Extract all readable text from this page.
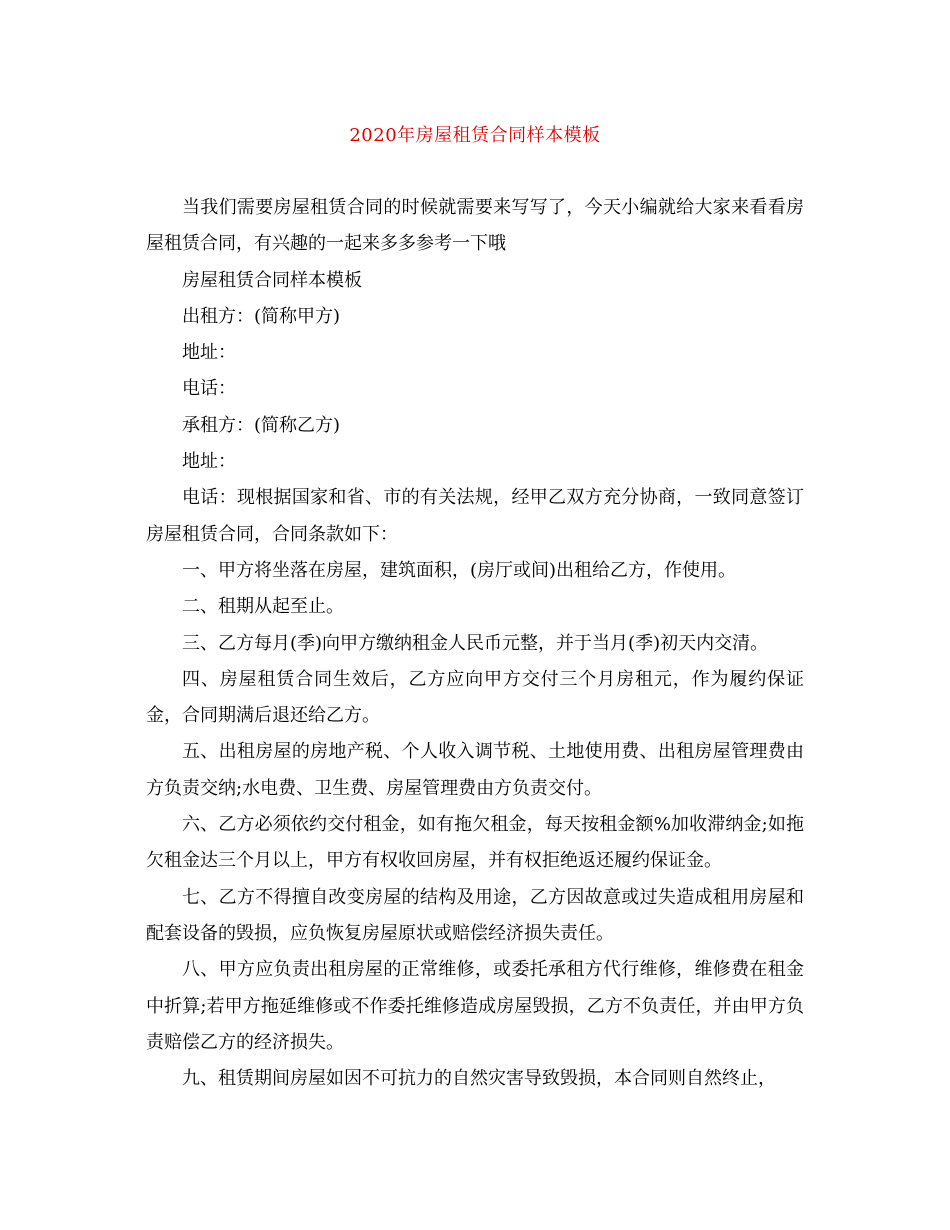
2020年房屋租赁合同样本模板

当我们需要房屋租赁合同的时候就需要来写写了，今天小编就给大家来看看房屋租赁合同，有兴趣的一起来多多参考一下哦

房屋租赁合同样本模板

出租方：(简称甲方)

地址：

电话：

承租方：(简称乙方)

地址：

电话：现根据国家和省、市的有关法规，经甲乙双方充分协商，一致同意签订房屋租赁合同，合同条款如下：

一、甲方将坐落在房屋，建筑面积，(房厅或间)出租给乙方，作使用。

二、租期从起至止。

三、乙方每月(季)向甲方缴纳租金人民币元整，并于当月(季)初天内交清。

四、房屋租赁合同生效后，乙方应向甲方交付三个月房租元，作为履约保证金，合同期满后退还给乙方。

五、出租房屋的房地产税、个人收入调节税、土地使用费、出租房屋管理费由方负责交纳;水电费、卫生费、房屋管理费由方负责交付。

六、乙方必须依约交付租金，如有拖欠租金，每天按租金额%加收滞纳金;如拖欠租金达三个月以上，甲方有权收回房屋，并有权拒绝返还履约保证金。

七、乙方不得擅自改变房屋的结构及用途，乙方因故意或过失造成租用房屋和配套设备的毁损，应负恢复房屋原状或赔偿经济损失责任。

八、甲方应负责出租房屋的正常维修，或委托承租方代行维修，维修费在租金中折算;若甲方拖延维修或不作委托维修造成房屋毁损，乙方不负责任，并由甲方负责赔偿乙方的经济损失。

九、租赁期间房屋如因不可抗力的自然灾害导致毁损，本合同则自然终止，
